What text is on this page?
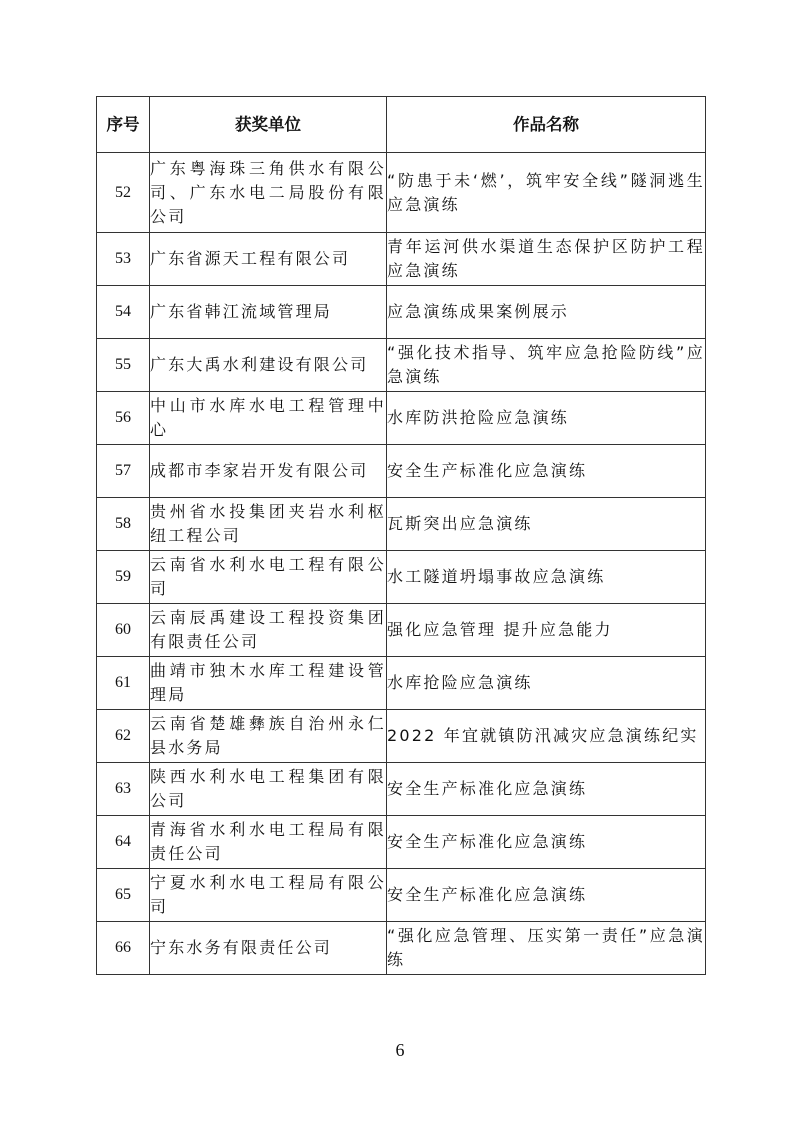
序号	获奖单位	作品名称
52	广东粤海珠三角供水有限公司、广东水电二局股份有限公司	“防患于未‘燃’，筑牢安全线”隧洞逃生应急演练
53	广东省源天工程有限公司	青年运河供水渠道生态保护区防护工程应急演练
54	广东省韩江流域管理局	应急演练成果案例展示
55	广东大禹水利建设有限公司	“强化技术指导、筑牢应急抢险防线”应急演练
56	中山市水库水电工程管理中心	水库防洪抢险应急演练
57	成都市李家岩开发有限公司	安全生产标准化应急演练
58	贵州省水投集团夹岩水利枢纽工程公司	瓦斯突出应急演练
59	云南省水利水电工程有限公司	水工隧道坍塌事故应急演练
60	云南辰禹建设工程投资集团有限责任公司	强化应急管理 提升应急能力
61	曲靖市独木水库工程建设管理局	水库抢险应急演练
62	云南省楚雄彝族自治州永仁县水务局	2022 年宜就镇防汛减灾应急演练纪实
63	陕西水利水电工程集团有限公司	安全生产标准化应急演练
64	青海省水利水电工程局有限责任公司	安全生产标准化应急演练
65	宁夏水利水电工程局有限公司	安全生产标准化应急演练
66	宁东水务有限责任公司	“强化应急管理、压实第一责任”应急演练
6
